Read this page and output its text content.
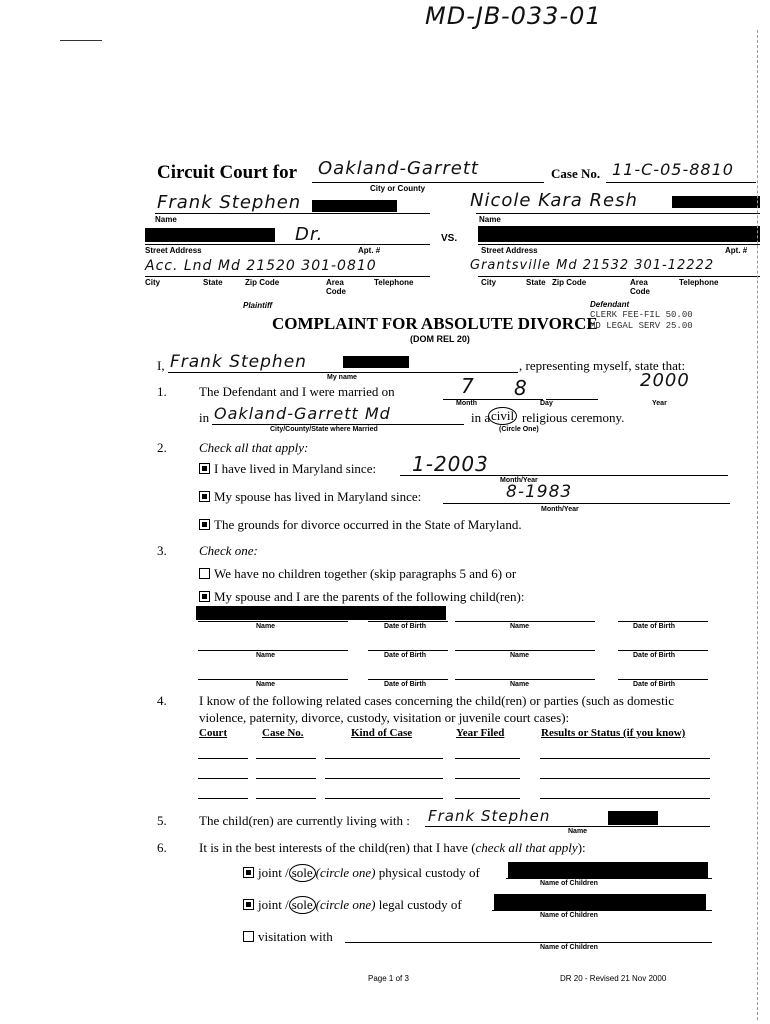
MD-JB-033-01
Circuit Court for Oakland-Garrett
City or County
Case No. 11-C-05-8810
Frank Stephen
Name
Nicole Kara Resh
Name
Dr.
Street Address	Apt. #
VS.
Street Address	Apt. #
Acc. Lnd Md 21520 301-0810
City	State	Zip Code	Area Code
Telephone
Grantsville Md 21532 301-12222
City	State Zip Code	Area Code
Telephone
Plaintiff	Defendant
COMPLAINT FOR ABSOLUTE DIVORCE
(DOM REL 20)
CLERK FEE-FIL 50.00
MD LEGAL SERV 25.00
I, Frank Stephen
My name
, representing myself, state that:
1. The Defendant and I were married on	7 8	2000
Month	Day	Year
in Oakland-Garrett Md
City/County/State where Married
in a civil religious ceremony.
(Circle One)
2. Check all that apply:
I have lived in Maryland since: 1-2003
Month/Year
My spouse has lived in Maryland since:	8-1983
Month/Year
The grounds for divorce occurred in the State of Maryland.
3. Check one:
We have no children together (skip paragraphs 5 and 6) or
My spouse and I are the parents of the following child(ren):
Name	Date of Birth	Name	Date of Birth
Name	Date of Birth	Name	Date of Birth
Name	Date of Birth	Name	Date of Birth
4. I know of the following related cases concerning the child(ren) or parties (such as domestic
violence, paternity, divorce, custody, visitation or juvenile court cases):
Court	Case No.	Kind of Case	Year Filed	Results or Status (if you know)
5. The child(ren) are currently living with : Frank Stephen
Name
6. It is in the best interests of the child(ren) that I have (check all that apply):
joint / sole (circle one) physical custody of
Name of Children
joint / sole (circle one) legal custody of
Name of Children
visitation with
Name of Children
Page 1 of 3	DR 20 - Revised 21 Nov 2000
